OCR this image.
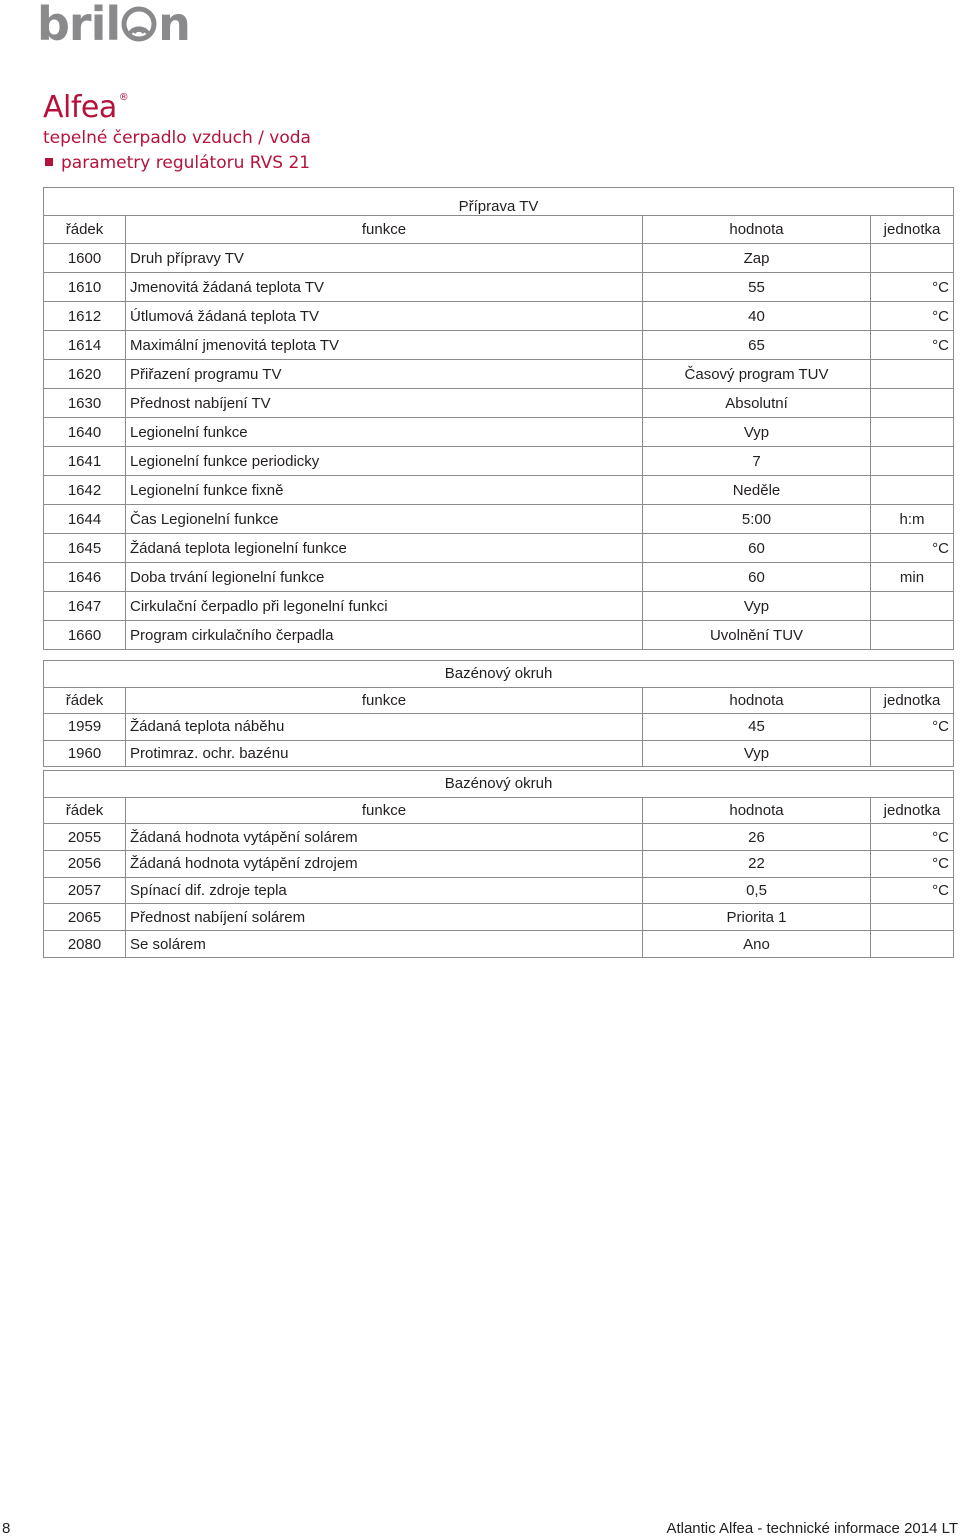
bril n
Alfea ®
tepelné čerpadlo vzduch / voda
parametry regulátoru RVS 21
Příprava TV			
řádek	funkce	hodnota	jednotka
1600	Druh přípravy TV	Zap	
1610	Jmenovitá žádaná teplota TV	55	°C
1612	Útlumová žádaná teplota TV	40	°C
1614	Maximální jmenovitá teplota TV	65	°C
1620	Přiřazení programu TV	Časový program TUV	
1630	Přednost nabíjení TV	Absolutní	
1640	Legionelní funkce	Vyp	
1641	Legionelní funkce periodicky	7	
1642	Legionelní funkce fixně	Neděle	
1644	Čas Legionelní funkce	5:00	h:m
1645	Žádaná teplota legionelní funkce	60	°C
1646	Doba trvání legionelní funkce	60	min
1647	Cirkulační čerpadlo při legonelní funkci	Vyp	
1660	Program cirkulačního čerpadla	Uvolnění TUV	
Bazénový okruh			
řádek	funkce	hodnota	jednotka
1959	Žádaná teplota náběhu	45	°C
1960	Protimraz. ochr. bazénu	Vyp	
Bazénový okruh			
řádek	funkce	hodnota	jednotka
2055	Žádaná hodnota vytápění solárem	26	°C
2056	Žádaná hodnota vytápění zdrojem	22	°C
2057	Spínací dif. zdroje tepla	0,5	°C
2065	Přednost nabíjení solárem	Priorita 1	
2080	Se solárem	Ano	
8	Atlantic Alfea - technické informace 2014 LT
